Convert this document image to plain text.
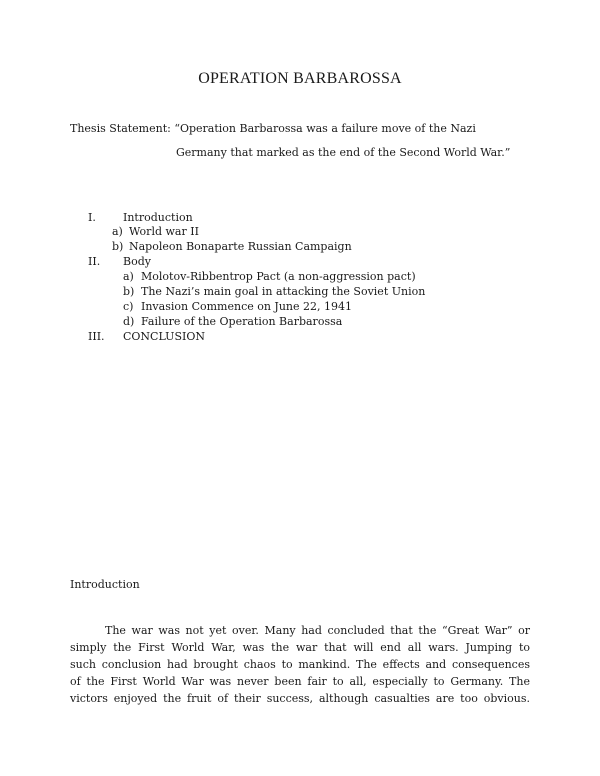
OPERATION BARBAROSSA
Thesis Statement: “Operation Barbarossa was a failure move of the Nazi
Germany that marked as the end of the Second World War.”
I. Introduction
a) World war II
b) Napoleon Bonaparte Russian Campaign
II. Body
a) Molotov-Ribbentrop Pact (a non-aggression pact)
b) The Nazi’s main goal in attacking the Soviet Union
c) Invasion Commence on June 22, 1941
d) Failure of the Operation Barbarossa
III. CONCLUSION
Introduction
The war was not yet over. Many had concluded that the “Great War” or
simply the First World War, was the war that will end all wars. Jumping to
such conclusion had brought chaos to mankind. The effects and consequences
of the First World War was never been fair to all, especially to Germany. The
victors enjoyed the fruit of their success, although casualties are too obvious.
